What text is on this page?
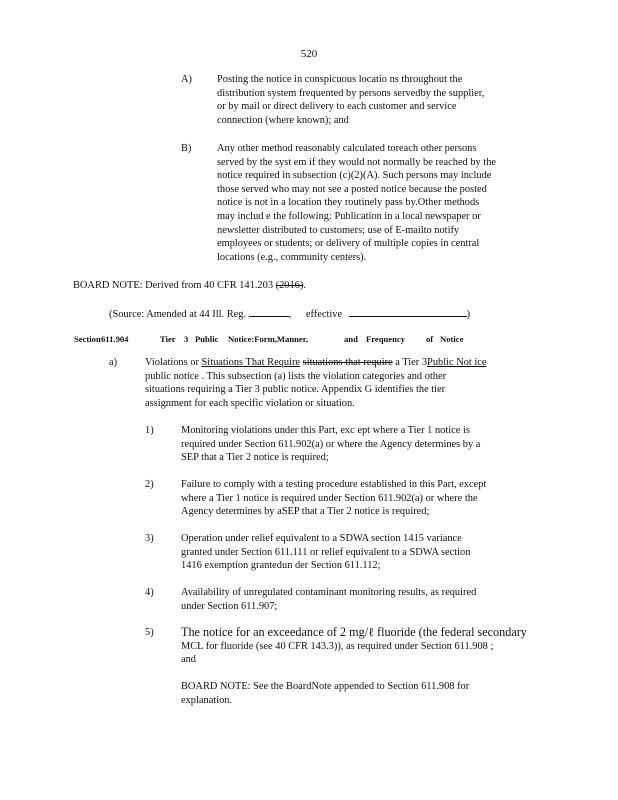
520
A) Posting the notice in conspicuous locatio ns throughout the
distribution system frequented by persons servedby the supplier,
or by mail or direct delivery to each customer and service
connection (where known); and
B) Any other method reasonably calculated toreach other persons
served by the syst em if they would not normally be reached by the
notice required in subsection (c)(2)(A). Such persons may include
those served who may not see a posted notice because the posted
notice is not in a location they routinely pass by.Other methods
may includ e the following: Publication in a local newspaper or
newsletter distributed to customers; use of E-mailto notify
employees or students; or delivery of multiple copies in central
locations (e.g., community centers).
BOARD NOTE: Derived from 40 CFR 141.203 (2016).
(Source: Amended at 44 Ill. Reg.	, effective	)
Section 611.904	Tier 3 Public Notice:Form,Manner,	and Frequency of Notice
a)	Violations or Situations That Require situations that require a Tier 3Public Not ice
public notice . This subsection (a) lists the violation categories and other
situations requiring a Tier 3 public notice. Appendix G identifies the tier
assignment for each specific violation or situation.
1)	Monitoring violations under this Part, exc ept where a Tier 1 notice is
required under Section 611.902(a) or where the Agency determines by a
SEP that a Tier 2 notice is required;
2)	Failure to comply with a testing procedure established in this Part, except
where a Tier 1 notice is required under Section 611.902(a) or where the
Agency determines by aSEP that a Tier 2 notice is required;
3)	Operation under relief equivalent to a SDWA section 1415 variance
granted under Section 611.111 or relief equivalent to a SDWA section
1416 exemption grantedun der Section 611.112;
4)	Availability of unregulated contaminant monitoring results, as required
under Section 611.907;
5) The notice for an exceedance of 2 mg/ℓ fluoride (the federal secondary
MCL for fluoride (see 40 CFR 143.3)), as required under Section 611.908 ;
and
BOARD NOTE: See the BoardNote appended to Section 611.908 for
explanation.
